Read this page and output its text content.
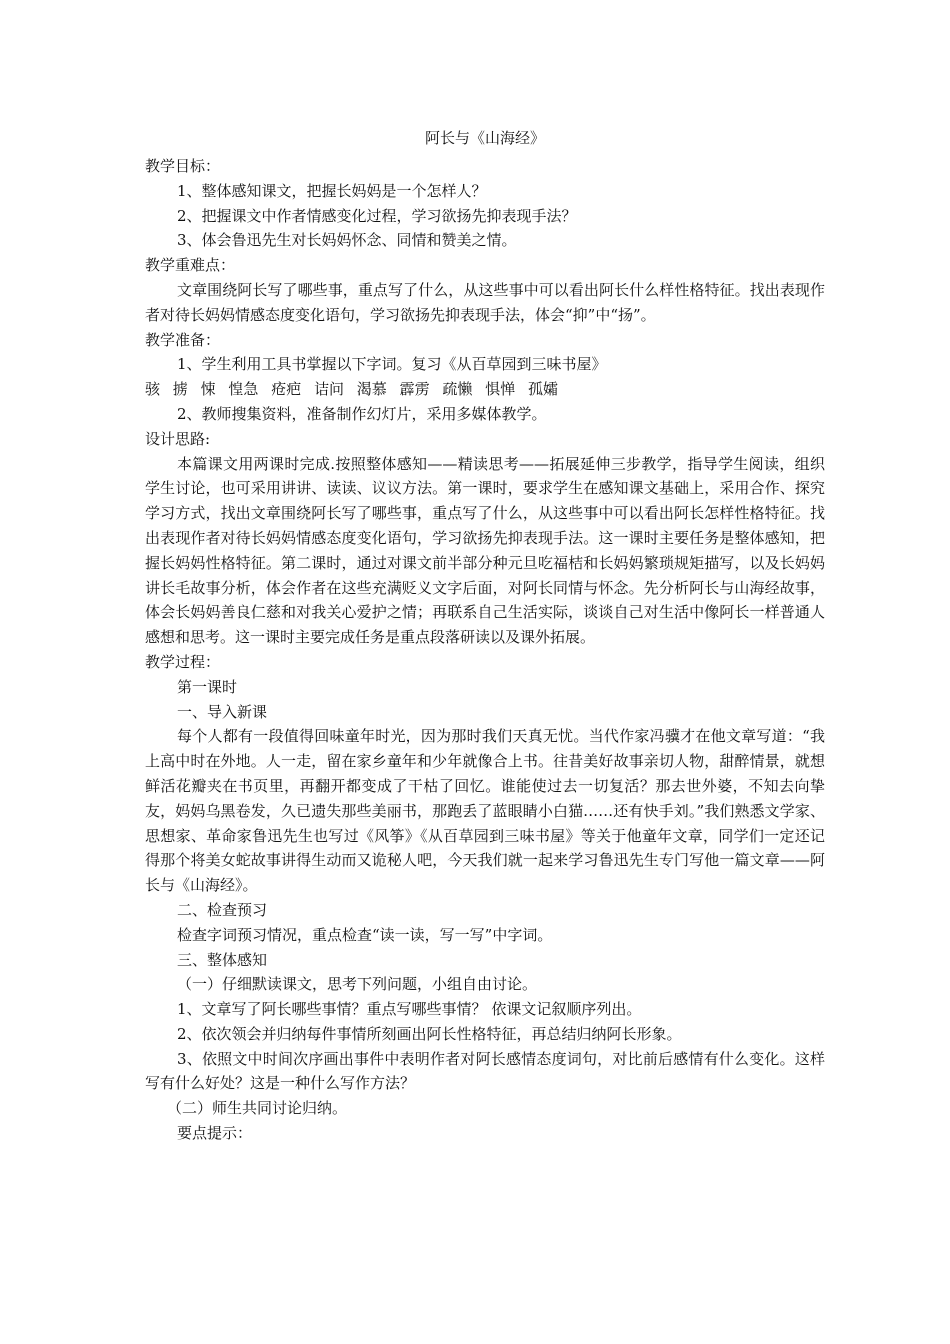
阿长与《山海经》
教学目标：
1、整体感知课文，把握长妈妈是一个怎样人？
2、把握课文中作者情感变化过程，学习欲扬先抑表现手法？
3、体会鲁迅先生对长妈妈怀念、同情和赞美之情。
教学重难点：
文章围绕阿长写了哪些事，重点写了什么，从这些事中可以看出阿长什么样性格特征。找出表现作者对待长妈妈情感态度变化语句，学习欲扬先抑表现手法，体会“抑”中“扬”。
教学准备：
1、学生利用工具书掌握以下字词。复习《从百草园到三味书屋》
骇 掳 悚 惶急 疮疤 诘问 渴慕 霹雳 疏懒 惧惮 孤孀
2、教师搜集资料，准备制作幻灯片，采用多媒体教学。
设计思路:
本篇课文用两课时完成.按照整体感知——精读思考——拓展延伸三步教学，指导学生阅读，组织学生讨论，也可采用讲讲、读读、议议方法。第一课时，要求学生在感知课文基础上，采用合作、探究学习方式，找出文章围绕阿长写了哪些事，重点写了什么，从这些事中可以看出阿长怎样性格特征。找出表现作者对待长妈妈情感态度变化语句，学习欲扬先抑表现手法。这一课时主要任务是整体感知，把握长妈妈性格特征。第二课时，通过对课文前半部分种元旦吃福桔和长妈妈繁琐规矩描写，以及长妈妈讲长毛故事分析，体会作者在这些充满贬义文字后面，对阿长同情与怀念。先分析阿长与山海经故事，体会长妈妈善良仁慈和对我关心爱护之情；再联系自己生活实际，谈谈自己对生活中像阿长一样普通人感想和思考。这一课时主要完成任务是重点段落研读以及课外拓展。
教学过程：
第一课时
一、导入新课
每个人都有一段值得回味童年时光，因为那时我们天真无忧。当代作家冯骥才在他文章写道：“我上高中时在外地。人一走，留在家乡童年和少年就像合上书。往昔美好故事亲切人物，甜醉情景，就想鲜活花瓣夹在书页里，再翻开都变成了干枯了回忆。谁能使过去一切复活？那去世外婆，不知去向挚友，妈妈乌黑卷发，久已遗失那些美丽书，那跑丢了蓝眼睛小白猫……还有快手刘。”我们熟悉文学家、思想家、革命家鲁迅先生也写过《风筝》《从百草园到三味书屋》等关于他童年文章，同学们一定还记得那个将美女蛇故事讲得生动而又诡秘人吧，今天我们就一起来学习鲁迅先生专门写他一篇文章——阿长与《山海经》。
二、检查预习
检查字词预习情况，重点检查“读一读，写一写”中字词。
三、整体感知
（一）仔细默读课文，思考下列问题，小组自由讨论。
1、文章写了阿长哪些事情？重点写哪些事情？ 依课文记叙顺序列出。
2、依次领会并归纳每件事情所刻画出阿长性格特征，再总结归纳阿长形象。
3、依照文中时间次序画出事件中表明作者对阿长感情态度词句，对比前后感情有什么变化。这样写有什么好处？这是一种什么写作方法？
（二）师生共同讨论归纳。
要点提示：
